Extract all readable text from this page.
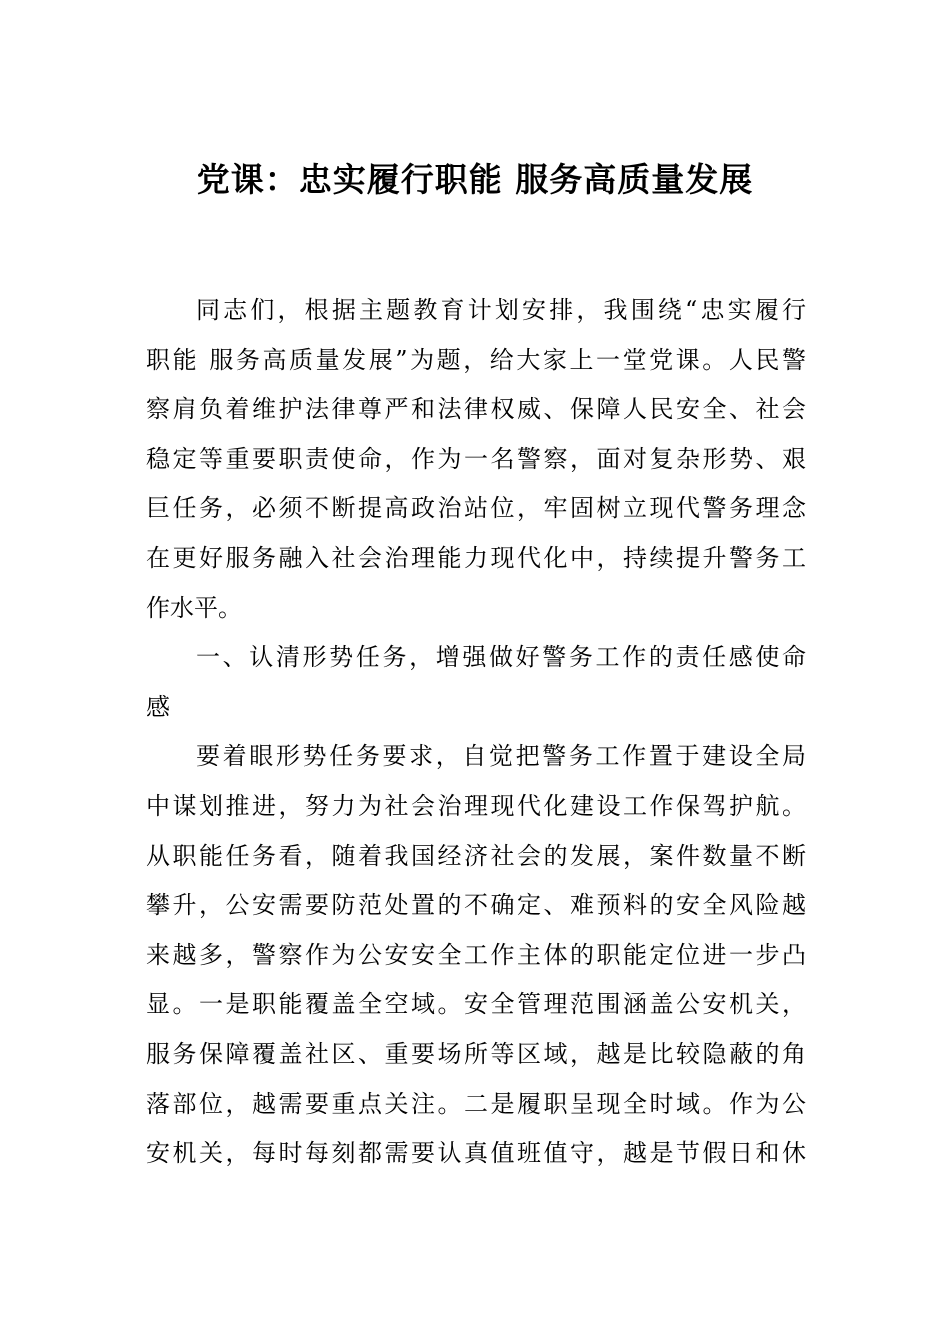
党课：忠实履行职能 服务高质量发展
同志们，根据主题教育计划安排，我围绕“忠实履行
职能 服务高质量发展”为题，给大家上一堂党课。人民警
察肩负着维护法律尊严和法律权威、保障人民安全、社会
稳定等重要职责使命，作为一名警察，面对复杂形势、艰
巨任务，必须不断提高政治站位，牢固树立现代警务理念
在更好服务融入社会治理能力现代化中，持续提升警务工
作水平。
一、认清形势任务，增强做好警务工作的责任感使命
感
要着眼形势任务要求，自觉把警务工作置于建设全局
中谋划推进，努力为社会治理现代化建设工作保驾护航。
从职能任务看，随着我国经济社会的发展，案件数量不断
攀升，公安需要防范处置的不确定、难预料的安全风险越
来越多，警察作为公安安全工作主体的职能定位进一步凸
显。一是职能覆盖全空域。安全管理范围涵盖公安机关，
服务保障覆盖社区、重要场所等区域，越是比较隐蔽的角
落部位，越需要重点关注。二是履职呈现全时域。作为公
安机关，每时每刻都需要认真值班值守，越是节假日和休
